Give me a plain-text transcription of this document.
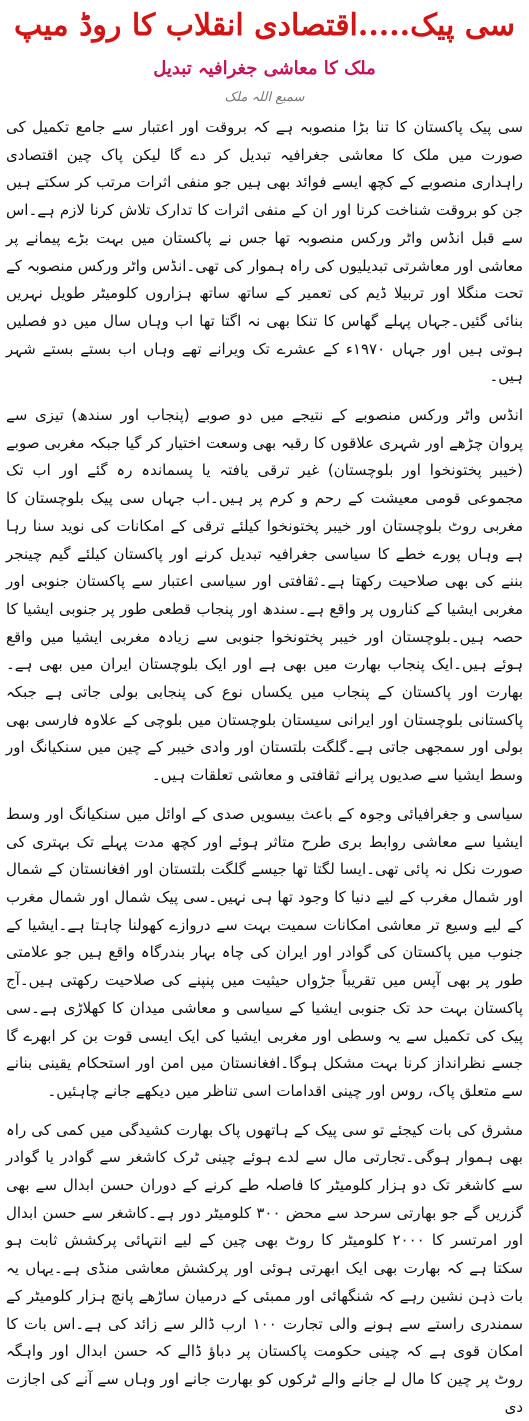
سی پیک.....اقتصادی انقلاب کا روڈ میپ
ملک کا معاشی جغرافیہ تبدیل
سمیع اللہ ملک

سی پیک پاکستان کا تنا بڑا منصوبہ ہے کہ بروقت اور اعتبار سے جامع تکمیل کی صورت میں ملک کا معاشی جغرافیہ تبدیل کر دے گا لیکن پاک چین اقتصادی راہداری منصوبے کے کچھ ایسے فوائد بھی ہیں جو منفی اثرات مرتب کر سکتے ہیں جن کو بروقت شناخت کرنا اور ان کے منفی اثرات کا تدارک تلاش کرنا لازم ہے۔اس سے قبل انڈس واٹر ورکس منصوبہ تھا جس نے پاکستان میں بہت بڑے پیمانے پر معاشی اور معاشرتی تبدیلیوں کی راہ ہموار کی تھی۔انڈس واٹر ورکس منصوبہ کے تحت منگلا اور تربیلا ڈیم کی تعمیر کے ساتھ ساتھ ہزاروں کلومیٹر طویل نہریں بنائی گئیں۔جہاں پہلے گھاس کا تنکا بھی نہ اگتا تھا اب وہاں سال میں دو فصلیں ہوتی ہیں اور جہاں ۱۹۷۰ء کے عشرے تک ویرانے تھے وہاں اب بستے بستے شہر ہیں۔

انڈس واٹر ورکس منصوبے کے نتیجے میں دو صوبے (پنجاب اور سندھ) تیزی سے پروان چڑھے اور شہری علاقوں کا رقبہ بھی وسعت اختیار کر گیا جبکہ مغربی صوبے (خیبر پختونخوا اور بلوچستان) غیر ترقی یافتہ یا پسماندہ رہ گئے اور اب تک مجموعی قومی معیشت کے رحم و کرم پر ہیں۔اب جہاں سی پیک بلوچستان کا مغربی روٹ بلوچستان اور خیبر پختونخوا کیلئے ترقی کے امکانات کی نوید سنا رہا ہے وہاں پورے خطے کا سیاسی جغرافیہ تبدیل کرنے اور پاکستان کیلئے گیم چینجر بننے کی بھی صلاحیت رکھتا ہے۔ثقافتی اور سیاسی اعتبار سے پاکستان جنوبی اور مغربی ایشیا کے کناروں پر واقع ہے۔سندھ اور پنجاب قطعی طور پر جنوبی ایشیا کا حصہ ہیں۔بلوچستان اور خیبر پختونخوا جنوبی سے زیادہ مغربی ایشیا میں واقع ہوئے ہیں۔ایک پنجاب بھارت میں بھی ہے اور ایک بلوچستان ایران میں بھی ہے۔بھارت اور پاکستان کے پنجاب میں یکساں نوع کی پنجابی بولی جاتی ہے جبکہ پاکستانی بلوچستان اور ایرانی سیستان بلوچستان میں بلوچی کے علاوہ فارسی بھی بولی اور سمجھی جاتی ہے۔گلگت بلتستان اور وادی خیبر کے چین میں سنکیانگ اور وسط ایشیا سے صدیوں پرانے ثقافتی و معاشی تعلقات ہیں۔

سیاسی و جغرافیائی وجوہ کے باعث بیسویں صدی کے اوائل میں سنکیانگ اور وسط ایشیا سے معاشی روابط بری طرح متاثر ہوئے اور کچھ مدت پہلے تک بہتری کی صورت نکل نہ پائی تھی۔ایسا لگتا تھا جیسے گلگت بلتستان اور افغانستان کے شمال اور شمال مغرب کے لیے دنیا کا وجود تھا ہی نہیں۔سی پیک شمال اور شمال مغرب کے لیے وسیع تر معاشی امکانات سمیت بہت سے دروازے کھولنا چاہتا ہے۔ایشیا کے جنوب میں پاکستان کی گوادر اور ایران کی چاہ بہار بندرگاہ واقع ہیں جو علامتی طور پر بھی آپس میں تقریباً جڑواں حیثیت میں پنپنے کی صلاحیت رکھتی ہیں۔آج پاکستان بہت حد تک جنوبی ایشیا کے سیاسی و معاشی میدان کا کھلاڑی ہے۔سی پیک کی تکمیل سے یہ وسطی اور مغربی ایشیا کی ایک ایسی قوت بن کر ابھرے گا جسے نظرانداز کرنا بہت مشکل ہوگا۔افغانستان میں امن اور استحکام یقینی بنانے سے متعلق پاک، روس اور چینی اقدامات اسی تناظر میں دیکھے جانے چاہئیں۔

مشرق کی بات کیجئے تو سی پیک کے ہاتھوں پاک بھارت کشیدگی میں کمی کی راہ بھی ہموار ہوگی۔تجارتی مال سے لدے ہوئے چینی ٹرک کاشغر سے گوادر یا گوادر سے کاشغر تک دو ہزار کلومیٹر کا فاصلہ طے کرنے کے دوران حسن ابدال سے بھی گزریں گے جو بھارتی سرحد سے محض ۳۰۰ کلومیٹر دور ہے۔کاشغر سے حسن ابدال اور امرتسر کا ۲۰۰۰ کلومیٹر کا روٹ بھی چین کے لیے انتہائی پرکشش ثابت ہو سکتا ہے کہ بھارت بھی ایک ابھرتی ہوئی اور پرکشش معاشی منڈی ہے۔یہاں یہ بات ذہن نشین رہے کہ شنگھائی اور ممبئی کے درمیان ساڑھے پانچ ہزار کلومیٹر کے سمندری راستے سے ہونے والی تجارت ۱۰۰ ارب ڈالر سے زائد کی ہے۔اس بات کا امکان قوی ہے کہ چینی حکومت پاکستان پر دباؤ ڈالے کہ حسن ابدال اور واہگہ روٹ پر چین کا مال لے جانے والے ٹرکوں کو بھارت جانے اور وہاں سے آنے کی اجازت دی
